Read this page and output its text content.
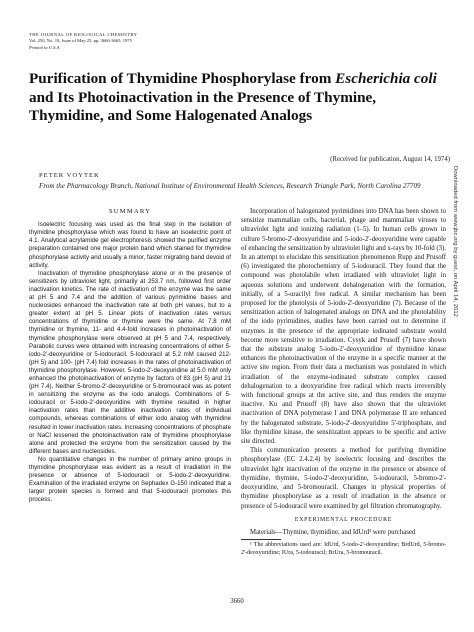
THE JOURNAL OF BIOLOGICAL CHEMISTRY
Vol. 250, No. 10, Issue of May 25, pp. 3660-3665, 1975
Printed in U.S.A.
Purification of Thymidine Phosphorylase from Escherichia coli and Its Photoinactivation in the Presence of Thymine, Thymidine, and Some Halogenated Analogs
(Received for publication, August 14, 1974)
PETER VOYTEK
From the Pharmacology Branch, National Institute of Environmental Health Sciences, Research Triangle Park, North Carolina 27709	Downloaded from www.jbc.org by guest, on April 14, 2012
SUMMARY

Isoelectric focusing was used as the final step in the isolation of thymidine phosphorylase which was found to have an isoelectric point of 4.1. Analytical acrylamide gel electrophoresis showed the purified enzyme preparation contained one major protein band which stained for thymidine phosphorylase activity and usually a minor, faster migrating band devoid of activity.

Inactivation of thymidine phosphorylase alone or in the presence of sensitizers by ultraviolet light, primarily at 253.7 nm, followed first order inactivation kinetics. The rate of inactivation of the enzyme was the same at pH 5 and 7.4 and the addition of various pyrimidine bases and nucleosides enhanced the inactivation rate at both pH values, but to a greater extent at pH 5. Linear plots of inactivation rates versus concentrations of thymidine or thymine were the same. At 7.8 mM thymidine or thymine, 11- and 4.4-fold increases in photoinactivation of thymidine phosphorylase were observed at pH 5 and 7.4, respectively. Parabolic curves were obtained with increasing concentrations of either 5-iodo-2'-deoxyuridine or 5-iodouracil. 5-Iodouracil at 5.2 mM caused 212- (pH 5) and 100- (pH 7.4) fold increases in the rates of photoinactivation of thymidine phosphorylase. However, 5-iodo-2'-deoxyuridine at 5.0 mM only enhanced the photoinactivation of enzyme by factors of 83 (pH 5) and 21 (pH 7.4). Neither 5-bromo-2'-deoxyuridine or 5-bromouracil was as potent in sensitizing the enzyme as the iodo analogs. Combinations of 5-iodouracil or 5-iodo-2'-deoxyuridine with thymine resulted in higher inactivation rates than the additive inactivation rates of individual compounds, whereas combinations of either iodo analog with thymidine resulted in lower inactivation rates. Increasing concentrations of phosphate or NaCl lessened the photoinactivation rate of thymidine phosphorylase alone and protected the enzyme from the sensitization caused by the different bases and nucleosides.

No quantitative changes in the number of primary amino groups in thymidine phosphorylase was evident as a result of irradiation in the presence or absence of 5-iodouracil or 5-iodo-2'-deoxyuridine. Examination of the irradiated enzyme on Sephadex G-150 indicated that a larger protein species is formed and that 5-iodouracil promotes this process.

Incorporation of halogenated pyrimidines into DNA has been shown to sensitize mammalian cells, bacterial, phage and mammalian viruses to ultraviolet light and ionizing radiation (1–5). In human cells grown in culture 5-bromo-2'-deoxyuridine and 5-iodo-2'-deoxyuridine were capable of enhancing the sensitization by ultraviolet light and x-rays by 10-fold (3). In an attempt to elucidate this sensitization phenomenon Rupp and Prusoff (6) investigated the photochemistry of 5-iodouracil. They found that the compound was photolabile when irradiated with ultraviolet light in aqueous solutions and underwent dehalogenation with the formation, initially, of a 5-uracilyl free radical. A similar mechanism has been proposed for the photolysis of 5-iodo-2'-deoxyuridine (7). Because of the sensitization action of halogenated analogs on DNA and the photolability of the iodo pyrimidines, studies have been carried out to determine if enzymes in the presence of the appropriate iodinated substrate would become more sensitive to irradiation. Cysyk and Prusoff (7) have shown that the substrate analog 5-iodo-2'-deoxyuridine of thymidine kinase enhances the photoinactivation of the enzyme in a specific manner at the active site region. From their data a mechanism was postulated in which irradiation of the enzyme-iodinated substrate complex caused dehalogenation to a deoxyuridine free radical which reacts irreversibly with functional groups at the active site, and thus renders the enzyme inactive. Ku and Prusoff (8) have also shown that the ultraviolet inactivation of DNA polymerase I and DNA polymerase II are enhanced by the halogenated substrate, 5-iodo-2'-deoxyuridine 5'-triphosphate, and like thymidine kinase, the sensitization appears to be specific and active site directed.

This communication presents a method for purifying thymidine phosphorylase (EC 2.4.2.4) by isoelectric focusing and describes the ultraviolet light inactivation of the enzyme in the presence or absence of thymidine, thymine, 5-iodo-2'-deoxyuridine, 5-iodouracil, 5-bromo-2'-deoxyuridine, and 5-bromouracil. Changes in physical properties of thymidine phosphorylase as a result of irradiation in the absence or presence of 5-iodouracil were examined by gel filtration chromatography.

EXPERIMENTAL PROCEDURE

Materials—Thymine, thymidine, and IdUrd¹ were purchased

¹ The abbreviations used are: IdUrd, 5-iodo-2'-deoxyuridine; BrdUrd, 5-bromo-2'-deoxyuridine; IUra, 5-iodouracil; BrUra, 5-bromouracil.

3660
